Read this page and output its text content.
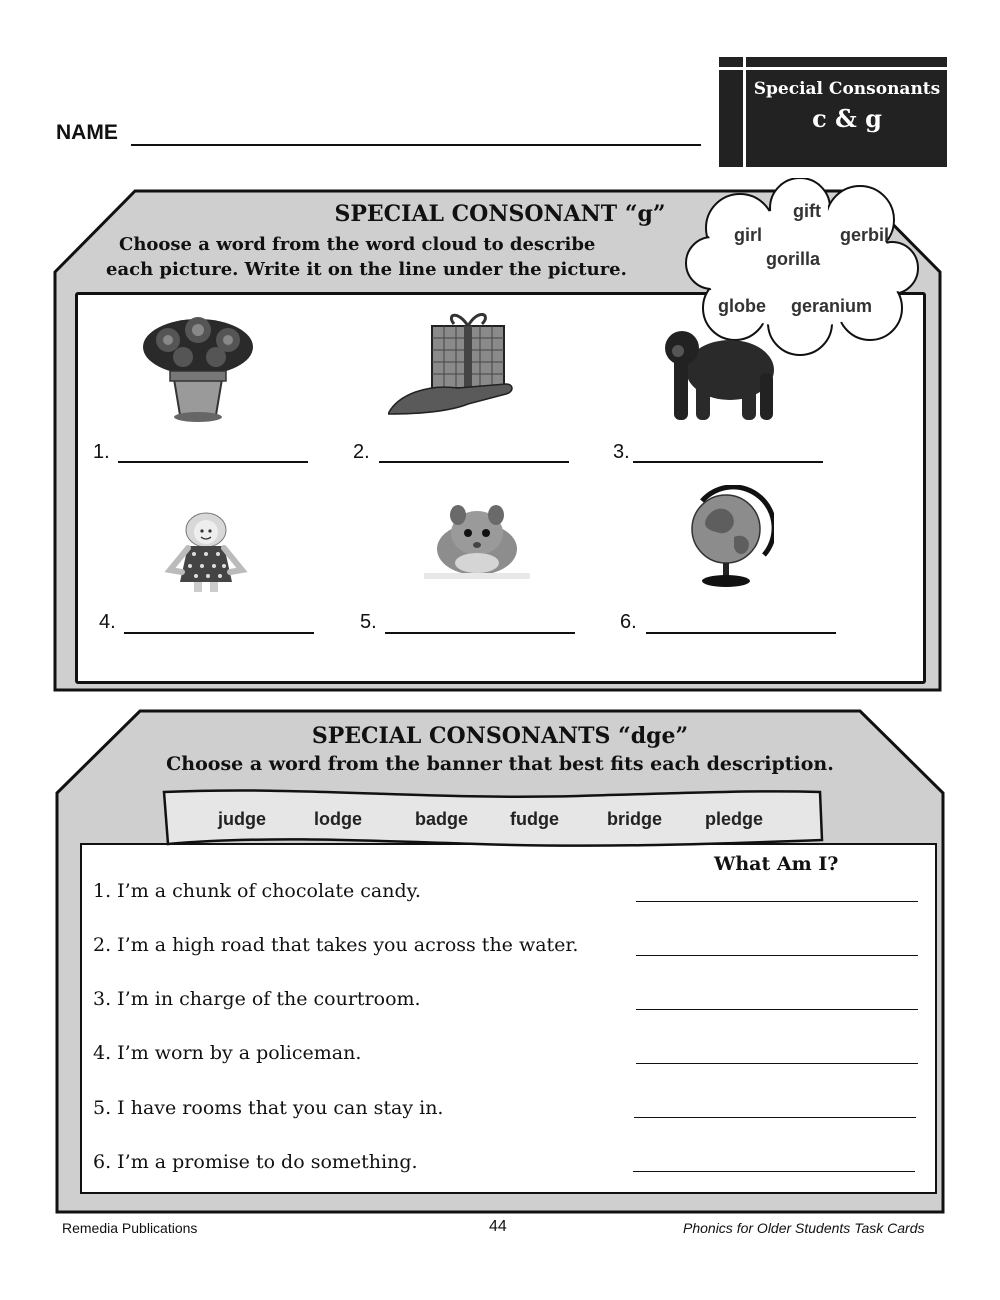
NAME
Special Consonants
c & g
SPECIAL CONSONANT “g”
Choose a word from the word cloud to describe
each picture. Write it on the line under the picture.
gift
girl	gerbil
gorilla
globe geranium
1.	2.	3.
4.	5.	6.
SPECIAL CONSONANTS “dge”
Choose a word from the banner that best fits each description.
judge	lodge	badge fudge	bridge pledge
What Am I?
1. I’m a chunk of chocolate candy.
2. I’m a high road that takes you across the water.
3. I’m in charge of the courtroom.
4. I’m worn by a policeman.
5. I have rooms that you can stay in.
6. I’m a promise to do something.
Remedia Publications	44	Phonics for Older Students Task Cards
